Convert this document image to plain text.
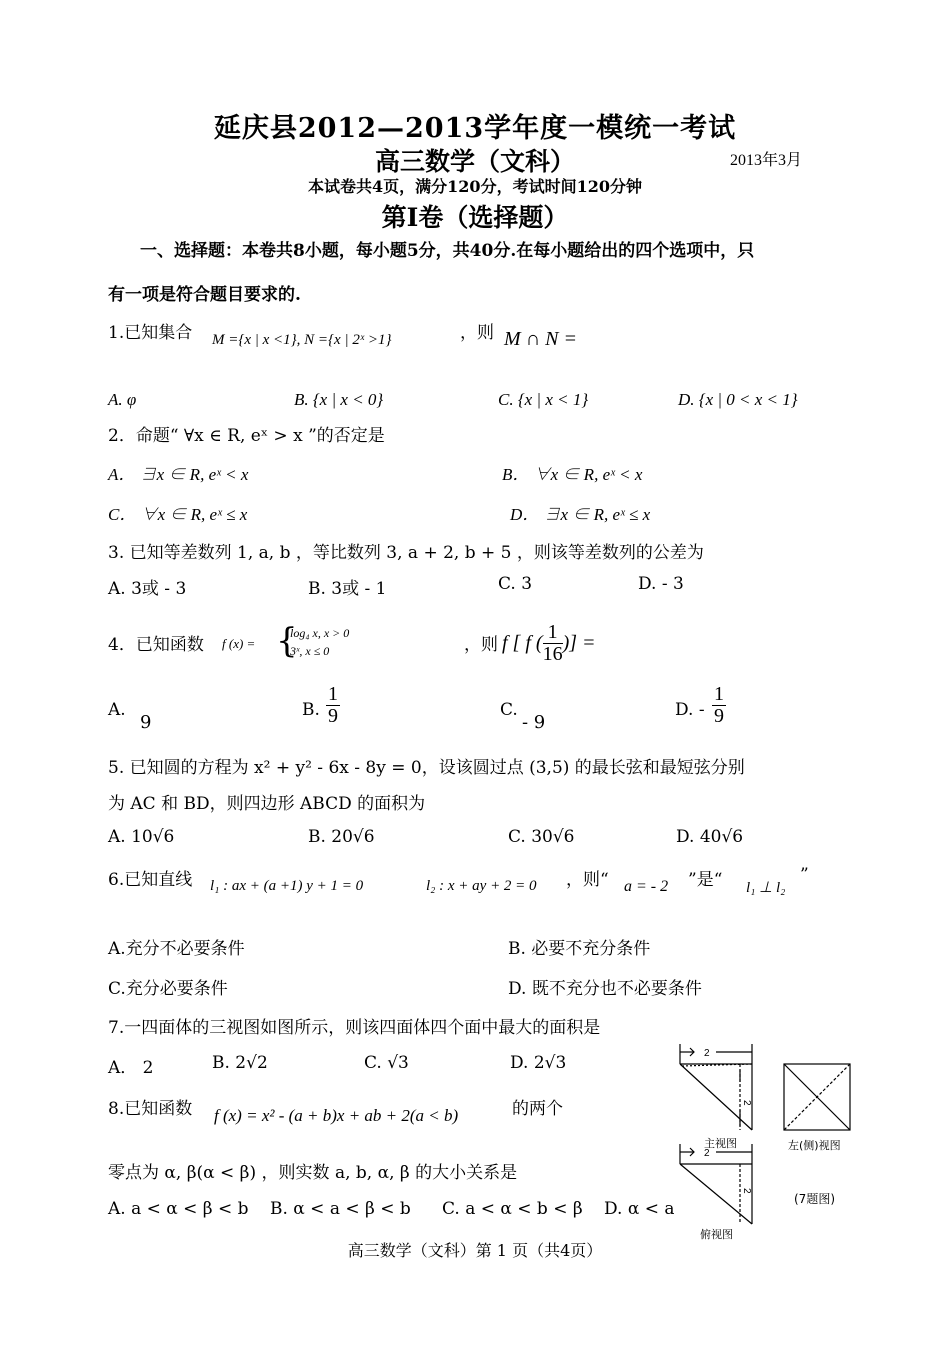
延庆县2012—2013学年度一模统一考试
高三数学（文科）	2013年3月
本试卷共4页，满分120分，考试时间120分钟
第Ⅰ卷（选择题）
一、选择题：本卷共8小题，每小题5分，共40分.在每小题给出的四个选项中，只
有一项是符合题目要求的.
1.已知集合 M ={x | x <1}, N ={x | 2ˣ >1}	，则 M ∩ N =
A. φ	B. {x | x < 0}	C. {x | x < 1}	D. {x | 0 < x < 1}
2．命题“ ∀x ∈ R, eˣ > x ”的否定是
A． ∃x ∈ R, eˣ < x	B． ∀x ∈ R, eˣ < x
C． ∀x ∈ R, eˣ ≤ x	D． ∃x ∈ R, eˣ ≤ x
3. 已知等差数列 1, a, b ，等比数列 3, a + 2, b + 5 ，则该等差数列的公差为
A. 3或 - 3	B. 3或 - 1	C. 3	D. - 3
4．已知函数 f (x) = {
log₄ x, x > 0
3ˣ, x ≤ 0	，则 f [ f ( $\frac{1}{16}$ )] =
A.
9
B. $\frac{1}{9}$	C.
- 9
D. - $\frac{1}{9}$
5. 已知圆的方程为 x² + y² - 6x - 8y = 0，设该圆过点 (3,5) 的最长弦和最短弦分别
为 AC 和 BD，则四边形 ABCD 的面积为
A. 10√6	B. 20√6	C. 30√6	D. 40√6
6.已知直线 l₁ : ax + (a +1) y + 1 = 0	l₂ : x + ay + 2 = 0 ，则“ a = - 2 ”是“ l₁ ⊥ l₂
”
A.充分不必要条件	B. 必要不充分条件
C.充分必要条件	D. 既不充分也不必要条件
7.一四面体的三视图如图所示，则该四面体四个面中最大的面积是
A． 2	B. 2√2	C. √3	D. 2√3
8.已知函数 f (x) = x² - (a + b)x + ab + 2(a < b)	的两个
零点为 α, β(α < β) ，则实数 a, b, α, β 的大小关系是
A. a < α < β < b B. α < a < β < b C. a < α < b < β D. α < a
2
2
2
2
主视图	左(侧)视图
俯视图
(7题图)
高三数学（文科）第 1 页（共4页）
